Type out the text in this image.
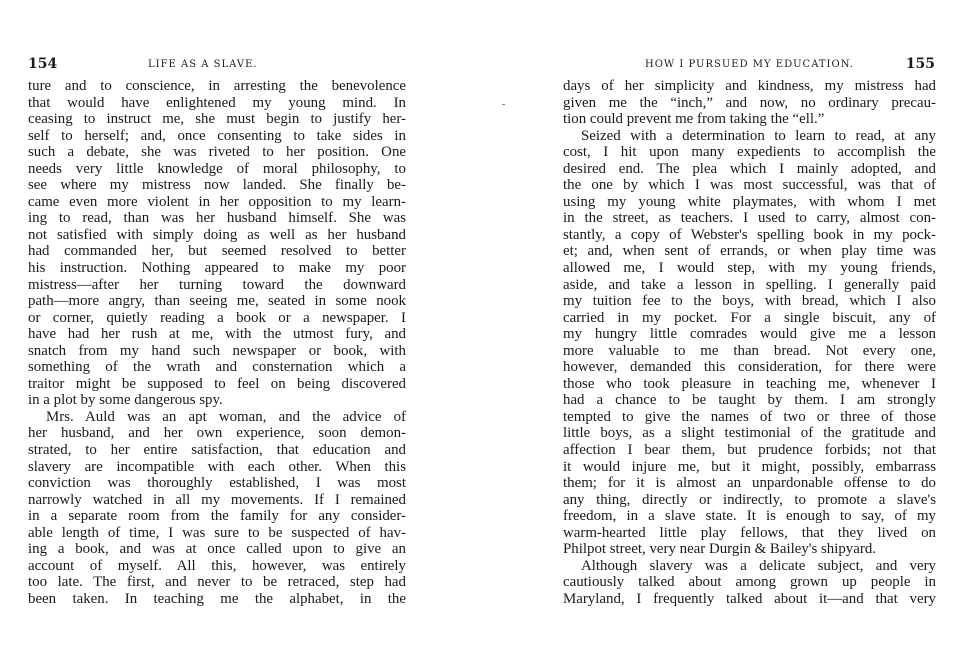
154	LIFE AS A SLAVE.
ture and to conscience, in arresting the benevolence
that would have enlightened my young mind. In
ceasing to instruct me, she must begin to justify her-
self to herself; and, once consenting to take sides in
such a debate, she was riveted to her position. One
needs very little knowledge of moral philosophy, to
see where my mistress now landed. She finally be-
came even more violent in her opposition to my learn-
ing to read, than was her husband himself. She was
not satisfied with simply doing as well as her husband
had commanded her, but seemed resolved to better
his instruction. Nothing appeared to make my poor
mistress—after her turning toward the downward
path—more angry, than seeing me, seated in some nook
or corner, quietly reading a book or a newspaper. I
have had her rush at me, with the utmost fury, and
snatch from my hand such newspaper or book, with
something of the wrath and consternation which a
traitor might be supposed to feel on being discovered
in a plot by some dangerous spy.
Mrs. Auld was an apt woman, and the advice of
her husband, and her own experience, soon demon-
strated, to her entire satisfaction, that education and
slavery are incompatible with each other. When this
conviction was thoroughly established, I was most
narrowly watched in all my movements. If I remained
in a separate room from the family for any consider-
able length of time, I was sure to be suspected of hav-
ing a book, and was at once called upon to give an
account of myself. All this, however, was entirely
too late. The first, and never to be retraced, step had
been taken. In teaching me the alphabet, in the
HOW I PURSUED MY EDUCATION.	155
days of her simplicity and kindness, my mistress had
given me the “inch,” and now, no ordinary precau-
tion could prevent me from taking the “ell.”
Seized with a determination to learn to read, at any
cost, I hit upon many expedients to accomplish the
desired end. The plea which I mainly adopted, and
the one by which I was most successful, was that of
using my young white playmates, with whom I met
in the street, as teachers. I used to carry, almost con-
stantly, a copy of Webster's spelling book in my pock-
et; and, when sent of errands, or when play time was
allowed me, I would step, with my young friends,
aside, and take a lesson in spelling. I generally paid
my tuition fee to the boys, with bread, which I also
carried in my pocket. For a single biscuit, any of
my hungry little comrades would give me a lesson
more valuable to me than bread. Not every one,
however, demanded this consideration, for there were
those who took pleasure in teaching me, whenever I
had a chance to be taught by them. I am strongly
tempted to give the names of two or three of those
little boys, as a slight testimonial of the gratitude and
affection I bear them, but prudence forbids; not that
it would injure me, but it might, possibly, embarrass
them; for it is almost an unpardonable offense to do
any thing, directly or indirectly, to promote a slave's
freedom, in a slave state. It is enough to say, of my
warm-hearted little play fellows, that they lived on
Philpot street, very near Durgin & Bailey's shipyard.
Although slavery was a delicate subject, and very
cautiously talked about among grown up people in
Maryland, I frequently talked about it—and that very
